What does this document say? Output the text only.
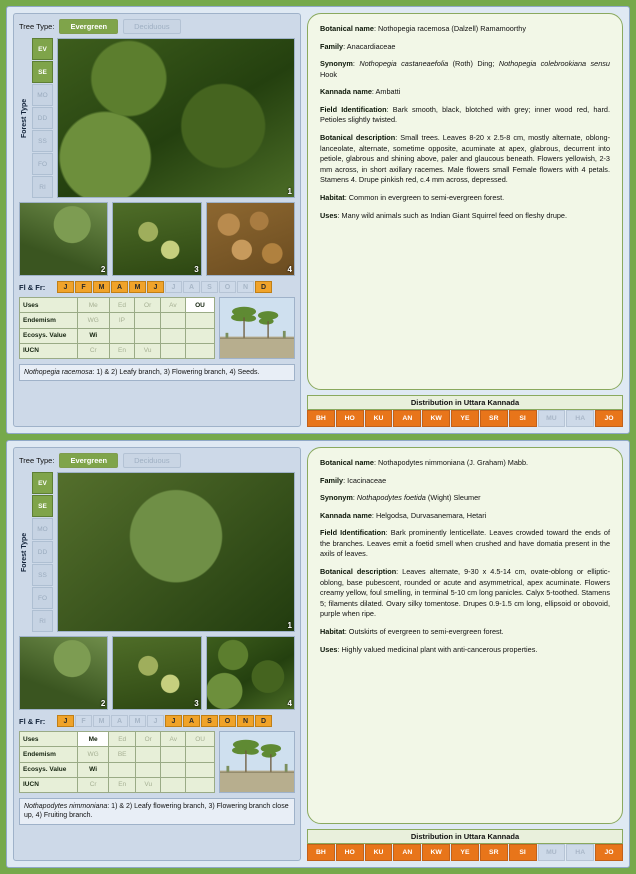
Tree Type:	Evergreen	Deciduous
Forest Type
EV
SE
MO
DD
SS
FO
RI	1
2	3	4
Fl & Fr:	J	F	M	A	M	J	J	A	S	O	N	D
Uses	Me	Ed	Or	Av	OU
Endemism	WG	IP			
Ecosys. Value	Wi				
IUCN	Cr	En	Vu		
Nothopegia racemosa: 1) & 2) Leafy branch, 3) Flowering branch, 4) Seeds.

Botanical name: Nothopegia racemosa (Dalzell) Ramamoorthy

Family: Anacardiaceae

Synonym: Nothopegia castaneaefolia (Roth) Ding; Nothopegia colebrookiana sensu Hook

Kannada name: Ambatti

Field Identification: Bark smooth, black, blotched with grey; inner wood red, hard. Petioles slightly twisted.

Botanical description: Small trees. Leaves 8-20 x 2.5-8 cm, mostly alternate, oblong-lanceolate, alternate, sometime opposite, acuminate at apex, glabrous, decurrent into petiole, glabrous and shining above, paler and glaucous beneath. Flowers yellowish, 2-3 mm across, in short axillary racemes. Male flowers small Female flowers with 4 petals. Stamens 4. Drupe pinkish red, c.4 mm across, depressed.

Habitat: Common in evergreen to semi-evergreen forest.

Uses: Many wild animals such as Indian Giant Squirrel feed on fleshy drupe.

Distribution in Uttara Kannada
BH	HO	KU	AN	KW	YE	SR	SI	MU	HA	JO
Tree Type:	Evergreen	Deciduous
Forest Type
EV
SE
MO
DD
SS
FO
RI	1
2	3	4
Fl & Fr:	J	F	M	A	M	J	J	A	S	O	N	D
Uses	Me	Ed	Or	Av	OU
Endemism	WG	BE			
Ecosys. Value	Wi				
IUCN	Cr	En	Vu		
Nothapodytes nimmoniana: 1) & 2) Leafy flowering branch, 3) Flowering branch close up, 4) Fruiting branch.

Botanical name: Nothapodytes nimmoniana (J. Graham) Mabb.

Family: Icacinaceae

Synonym: Nothapodytes foetida (Wight) Sleumer

Kannada name: Helgodsa, Durvasanemara, Hetari

Field Identification: Bark prominently lenticellate. Leaves crowded toward the ends of the branches. Leaves emit a foetid smell when crushed and have domatia present in the axils of leaves.

Botanical description: Leaves alternate, 9-30 x 4.5-14 cm, ovate-oblong or elliptic-oblong, base pubescent, rounded or acute and asymmetrical, apex acuminate. Flowers creamy yellow, foul smelling, in terminal 5-10 cm long panicles. Calyx 5-toothed. Stamens 5; filaments dilated. Ovary silky tomentose. Drupes 0.9-1.5 cm long, ellipsoid or obovoid, purple when ripe.

Habitat: Outskirts of evergreen to semi-evergreen forest.

Uses: Highly valued medicinal plant with anti-cancerous properties.

Distribution in Uttara Kannada
BH	HO	KU	AN	KW	YE	SR	SI	MU	HA	JO
